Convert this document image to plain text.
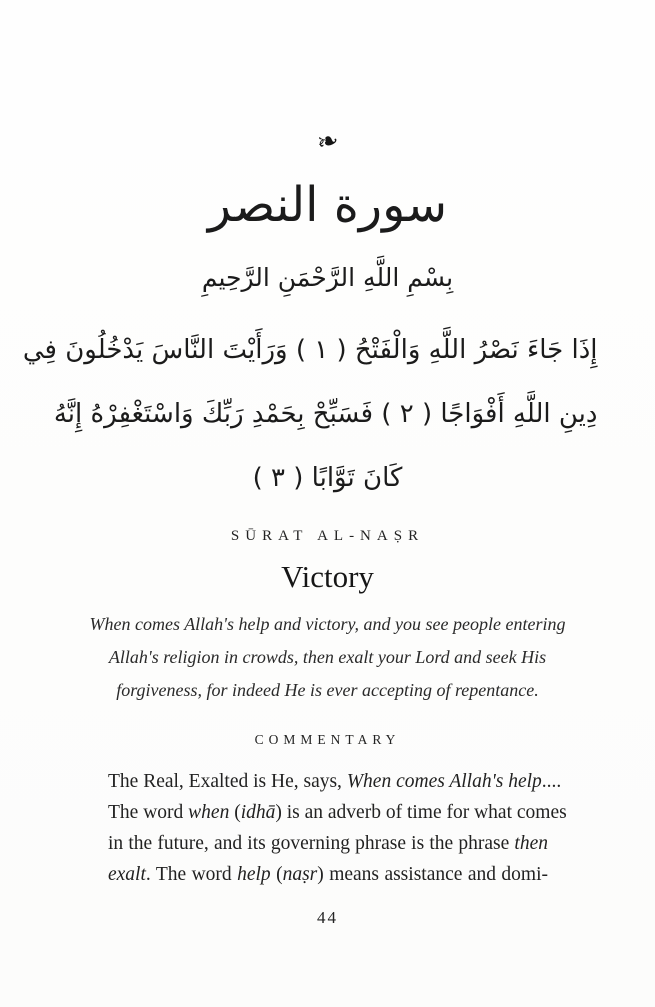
❧
سورة النصر
بِسْمِ اللَّهِ الرَّحْمَنِ الرَّحِيمِ
إِذَا جَاءَ نَصْرُ اللَّهِ وَالْفَتْحُ ( ١ ) وَرَأَيْتَ النَّاسَ يَدْخُلُونَ فِي
دِينِ اللَّهِ أَفْوَاجًا ( ٢ ) فَسَبِّحْ بِحَمْدِ رَبِّكَ وَاسْتَغْفِرْهُ إِنَّهُ
كَانَ تَوَّابًا ( ٣ )
SŪRAT AL-NAṢR
Victory
When comes Allah's help and victory, and you see people entering
Allah's religion in crowds, then exalt your Lord and seek His
forgiveness, for indeed He is ever accepting of repentance.
COMMENTARY
The Real, Exalted is He, says, When comes Allah's help....
The word when (idhā) is an adverb of time for what comes
in the future, and its governing phrase is the phrase then
exalt. The word help (naṣr) means assistance and domi-
44
